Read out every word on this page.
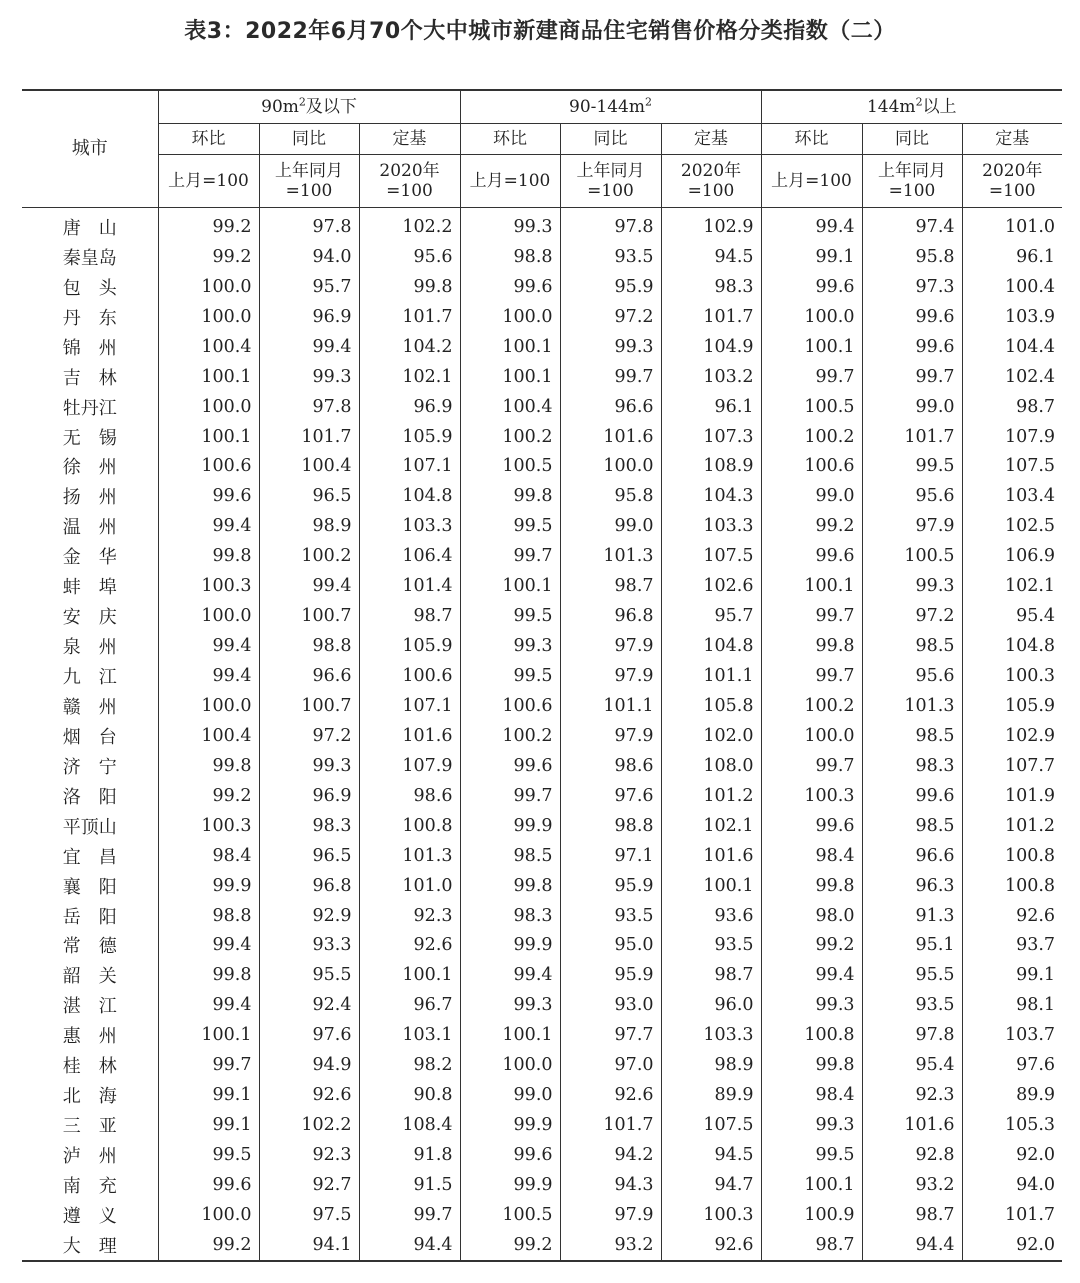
表3：2022年6月70个大中城市新建商品住宅销售价格分类指数（二）
城市	$90m^2$及以下			$90-144m^2$			$144m^2$以上		
	环比	同比	定基	环比	同比	定基	环比	同比	定基
	上月=100	上年同月=100	2020年=100	上月=100	上年同月=100	2020年=100	上月=100	上年同月=100	2020年=100
唐　山	99.2	97.8	102.2	99.3	97.8	102.9	99.4	97.4	101.0
秦皇岛	99.2	94.0	95.6	98.8	93.5	94.5	99.1	95.8	96.1
包　头	100.0	95.7	99.8	99.6	95.9	98.3	99.6	97.3	100.4
丹　东	100.0	96.9	101.7	100.0	97.2	101.7	100.0	99.6	103.9
锦　州	100.4	99.4	104.2	100.1	99.3	104.9	100.1	99.6	104.4
吉　林	100.1	99.3	102.1	100.1	99.7	103.2	99.7	99.7	102.4
牡丹江	100.0	97.8	96.9	100.4	96.6	96.1	100.5	99.0	98.7
无　锡	100.1	101.7	105.9	100.2	101.6	107.3	100.2	101.7	107.9
徐　州	100.6	100.4	107.1	100.5	100.0	108.9	100.6	99.5	107.5
扬　州	99.6	96.5	104.8	99.8	95.8	104.3	99.0	95.6	103.4
温　州	99.4	98.9	103.3	99.5	99.0	103.3	99.2	97.9	102.5
金　华	99.8	100.2	106.4	99.7	101.3	107.5	99.6	100.5	106.9
蚌　埠	100.3	99.4	101.4	100.1	98.7	102.6	100.1	99.3	102.1
安　庆	100.0	100.7	98.7	99.5	96.8	95.7	99.7	97.2	95.4
泉　州	99.4	98.8	105.9	99.3	97.9	104.8	99.8	98.5	104.8
九　江	99.4	96.6	100.6	99.5	97.9	101.1	99.7	95.6	100.3
赣　州	100.0	100.7	107.1	100.6	101.1	105.8	100.2	101.3	105.9
烟　台	100.4	97.2	101.6	100.2	97.9	102.0	100.0	98.5	102.9
济　宁	99.8	99.3	107.9	99.6	98.6	108.0	99.7	98.3	107.7
洛　阳	99.2	96.9	98.6	99.7	97.6	101.2	100.3	99.6	101.9
平顶山	100.3	98.3	100.8	99.9	98.8	102.1	99.6	98.5	101.2
宜　昌	98.4	96.5	101.3	98.5	97.1	101.6	98.4	96.6	100.8
襄　阳	99.9	96.8	101.0	99.8	95.9	100.1	99.8	96.3	100.8
岳　阳	98.8	92.9	92.3	98.3	93.5	93.6	98.0	91.3	92.6
常　德	99.4	93.3	92.6	99.9	95.0	93.5	99.2	95.1	93.7
韶　关	99.8	95.5	100.1	99.4	95.9	98.7	99.4	95.5	99.1
湛　江	99.4	92.4	96.7	99.3	93.0	96.0	99.3	93.5	98.1
惠　州	100.1	97.6	103.1	100.1	97.7	103.3	100.8	97.8	103.7
桂　林	99.7	94.9	98.2	100.0	97.0	98.9	99.8	95.4	97.6
北　海	99.1	92.6	90.8	99.0	92.6	89.9	98.4	92.3	89.9
三　亚	99.1	102.2	108.4	99.9	101.7	107.5	99.3	101.6	105.3
泸　州	99.5	92.3	91.8	99.6	94.2	94.5	99.5	92.8	92.0
南　充	99.6	92.7	91.5	99.9	94.3	94.7	100.1	93.2	94.0
遵　义	100.0	97.5	99.7	100.5	97.9	100.3	100.9	98.7	101.7
大　理	99.2	94.1	94.4	99.2	93.2	92.6	98.7	94.4	92.0
